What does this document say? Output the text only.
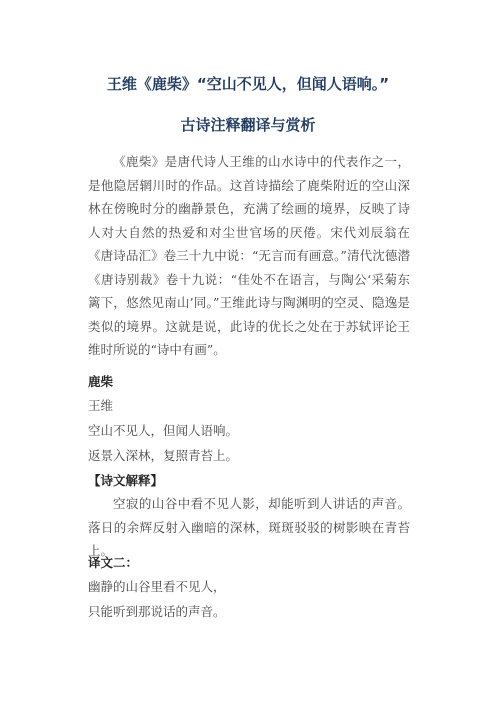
王维《鹿柴》“空山不见人，但闻人语响。”
古诗注释翻译与赏析

《鹿柴》是唐代诗人王维的山水诗中的代表作之一，是他隐居辋川时的作品。这首诗描绘了鹿柴附近的空山深林在傍晚时分的幽静景色，充满了绘画的境界，反映了诗人对大自然的热爱和对尘世官场的厌倦。宋代刘辰翁在《唐诗品汇》卷三十九中说：“无言而有画意。”清代沈德潜《唐诗别裁》卷十九说：“佳处不在语言，与陶公‘采菊东篱下，悠然见南山’同。”王维此诗与陶渊明的空灵、隐逸是类似的境界。这就是说，此诗的优长之处在于苏轼评论王维时所说的“诗中有画”。

鹿柴
王维
空山不见人，但闻人语响。
返景入深林，复照青苔上。
【诗文解释】

空寂的山谷中看不见人影，却能听到人讲话的声音。落日的余辉反射入幽暗的深林，斑斑驳驳的树影映在青苔上。

译文二：
幽静的山谷里看不见人，
只能听到那说话的声音。
